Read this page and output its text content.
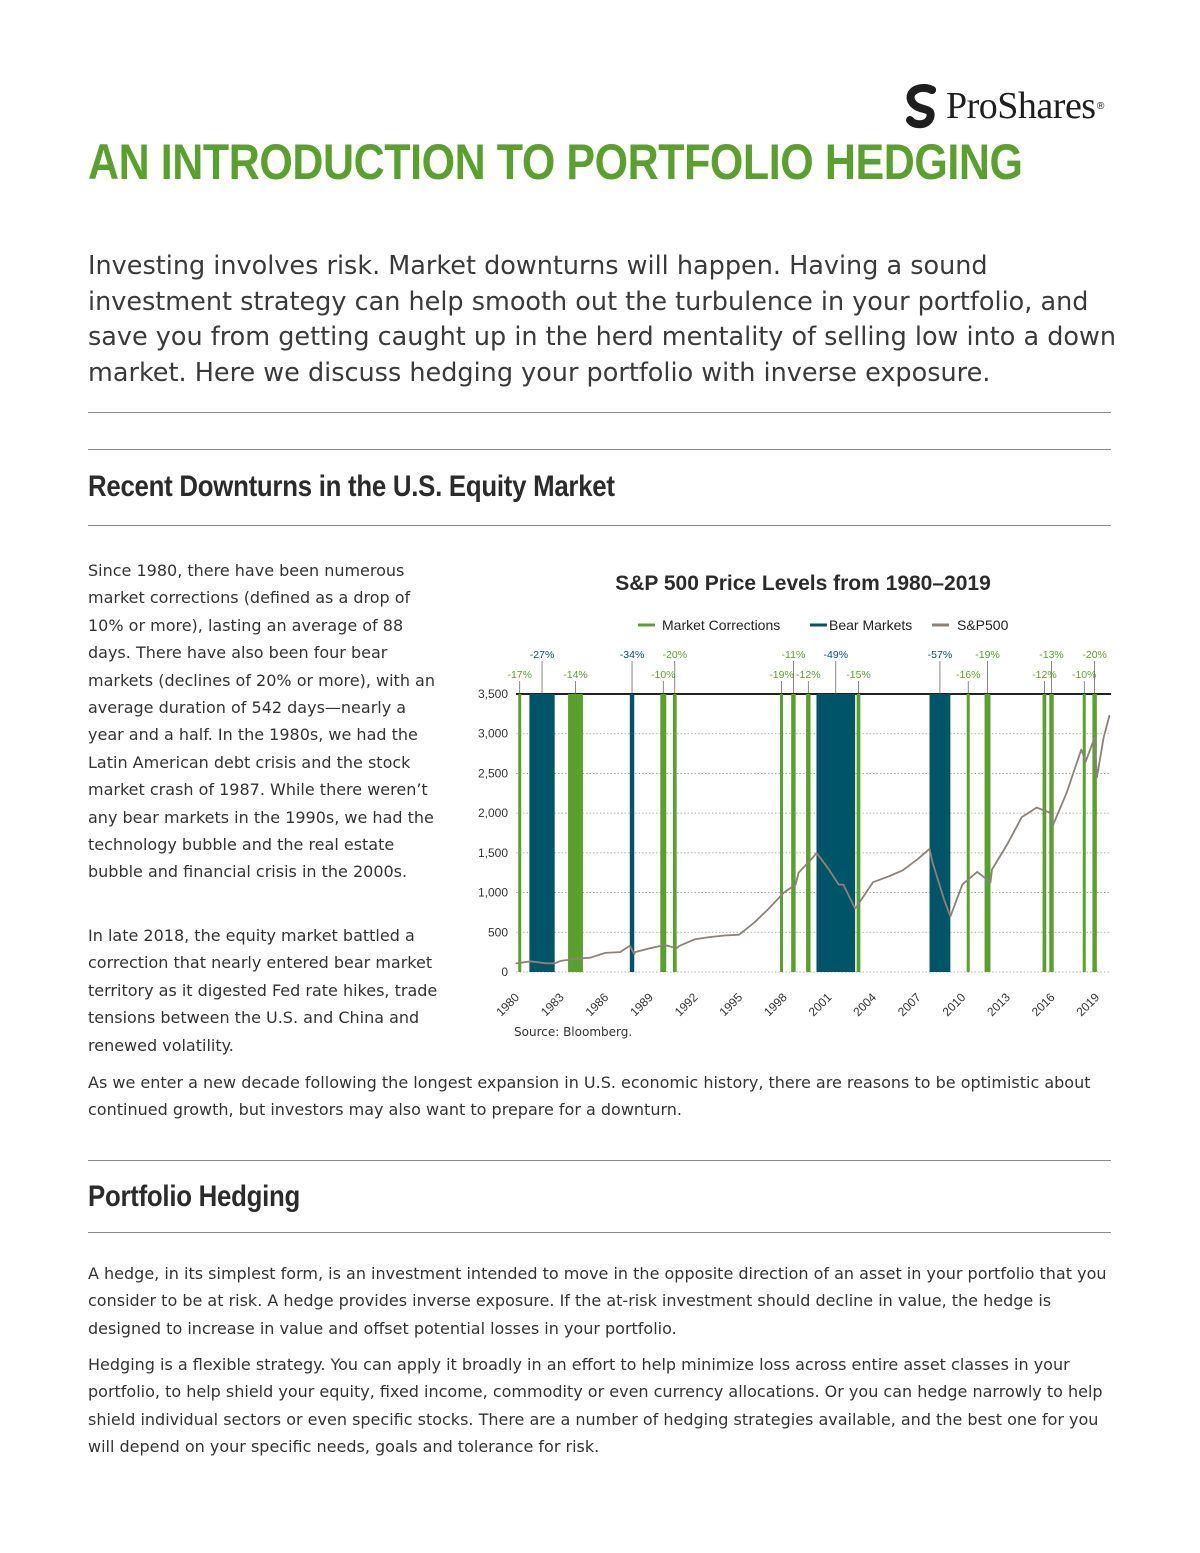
ProShares ®
AN INTRODUCTION TO PORTFOLIO HEDGING

Investing involves risk. Market downturns will happen. Having a sound investment strategy can help smooth out the turbulence in your portfolio, and save you from getting caught up in the herd mentality of selling low into a down market. Here we discuss hedging your portfolio with inverse exposure.

Recent Downturns in the U.S. Equity Market

Since 1980, there have been numerous market corrections (defined as a drop of 10% or more), lasting an average of 88 days. There have also been four bear markets (declines of 20% or more), with an average duration of 542 days—nearly a year and a half. In the 1980s, we had the Latin American debt crisis and the stock market crash of 1987. While there weren’t any bear markets in the 1990s, we had the technology bubble and the real estate bubble and financial crisis in the 2000s.

In late 2018, the equity market battled a correction that nearly entered bear market territory as it digested Fed rate hikes, trade tensions between the U.S. and China and renewed volatility.

S&P 500 Price Levels from 1980–2019
Market Corrections	Bear Markets	S&P500
-17%
-27%
-14%
-34%
-10%
-20%
-19%
-11%
-12%
-49%
-15%
-57%
-16%
-19%
-12%
-13%
-10%
-20%
0
500
1,000
1,500
2,000
2,500
3,000
3,500
1980 1983 1986 1989 1992 1995 1998 2001 2004 2007 2010 2013 2016 2019
Source: Bloomberg.

As we enter a new decade following the longest expansion in U.S. economic history, there are reasons to be optimistic about continued growth, but investors may also want to prepare for a downturn.

Portfolio Hedging

A hedge, in its simplest form, is an investment intended to move in the opposite direction of an asset in your portfolio that you consider to be at risk. A hedge provides inverse exposure. If the at-risk investment should decline in value, the hedge is designed to increase in value and offset potential losses in your portfolio.

Hedging is a flexible strategy. You can apply it broadly in an effort to help minimize loss across entire asset classes in your portfolio, to help shield your equity, fixed income, commodity or even currency allocations. Or you can hedge narrowly to help shield individual sectors or even specific stocks. There are a number of hedging strategies available, and the best one for you will depend on your specific needs, goals and tolerance for risk.
